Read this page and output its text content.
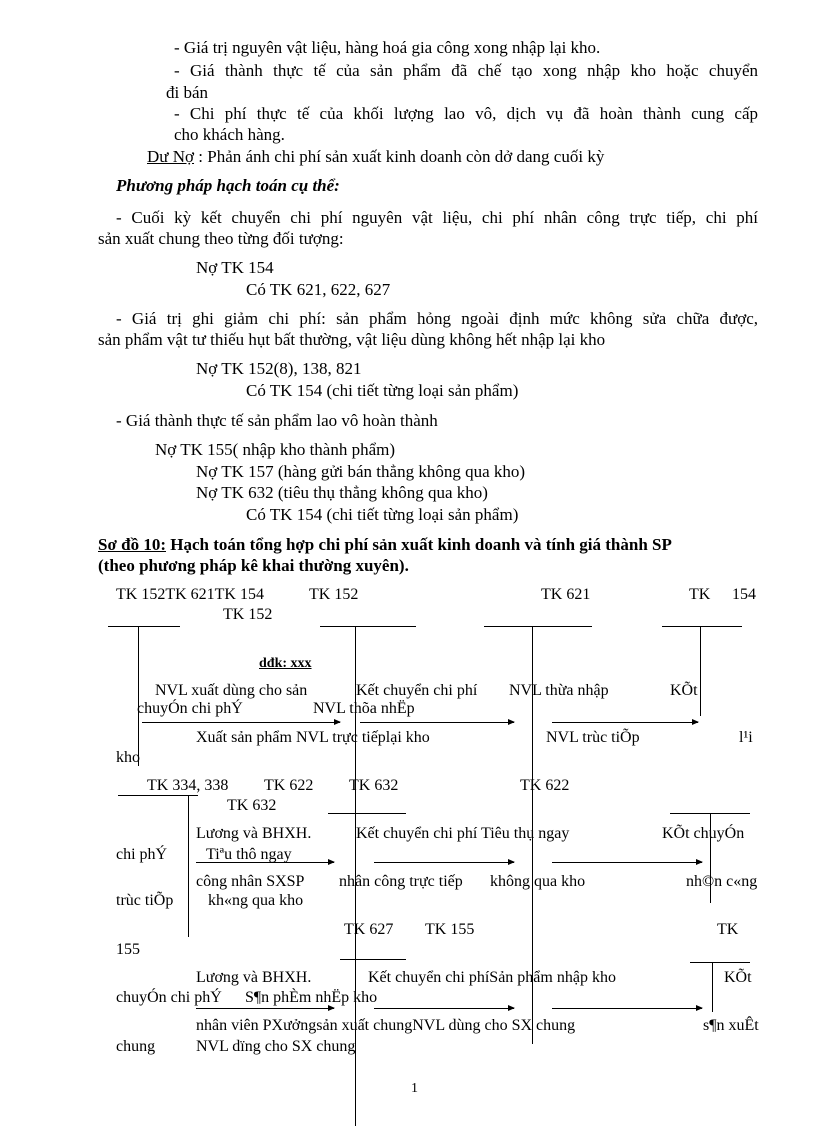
- Giá trị nguyên vật liệu, hàng hoá gia công xong nhập lại kho.
- Giá thành thực tế của sản phẩm đã chế tạo xong nhập kho hoặc chuyển
đi bán
- Chi phí thực tế của khối lượng lao vô, dịch vụ đã hoàn thành cung cấp
cho khách hàng.
Dư Nợ : Phản ánh chi phí sản xuất kinh doanh còn dở dang cuối kỳ
Phương pháp hạch toán cụ thể:
- Cuối kỳ kết chuyển chi phí nguyên vật liệu, chi phí nhân công trực tiếp, chi phí
sản xuất chung theo từng đối tượng:
Nợ TK 154
Có TK 621, 622, 627
- Giá trị ghi giảm chi phí: sản phẩm hỏng ngoài định mức không sửa chữa được,
sản phẩm vật tư thiếu hụt bất thường, vật liệu dùng không hết nhập lại kho
Nợ TK 152(8), 138, 821
Có TK 154 (chi tiết từng loại sản phẩm)
- Giá thành thực tế sản phẩm lao vô hoàn thành
Nợ TK 155( nhập kho thành phẩm)
Nợ TK 157 (hàng gửi bán thẳng không qua kho)
Nợ TK 632 (tiêu thụ thẳng không qua kho)
Có TK 154 (chi tiết từng loại sản phẩm)
Sơ đồ 10: Hạch toán tổng hợp chi phí sản xuất kinh doanh và tính giá thành SP
(theo phương pháp kê khai thường xuyên).
TK 152TK 621TK 154	TK 152	TK 621	TK 154
TK 152
dđk: xxx
NVL xuất dùng cho sản	Kết chuyển chi phí NVL thừa nhập	KÕt
chuyÓn chi phÝ	NVL thõa nhËp
Xuất sản phẩm NVL trực tiếplại kho	NVL trùc tiÕp	l¹i
kho
TK 334, 338 TK 622 TK 632	TK 622
TK 632
Lương và BHXH.	Kết chuyển chi phí Tiêu thụ ngay	KÕt chuyÓn
chi phÝ Tiªu thô ngay
công nhân SXSP nhân công trực tiếp không qua kho	nh©n c«ng
trùc tiÕp kh«ng qua kho
TK 627 TK 155	TK
155
Lương và BHXH.	Kết chuyển chi phíSản phẩm nhập kho	KÕt
chuyÓn chi phÝ S¶n phÈm nhËp kho
nhân viên PXưởngsản xuất chungNVL dùng cho SX chung	s¶n xuÊt
chung	NVL dïng cho SX chung
1
